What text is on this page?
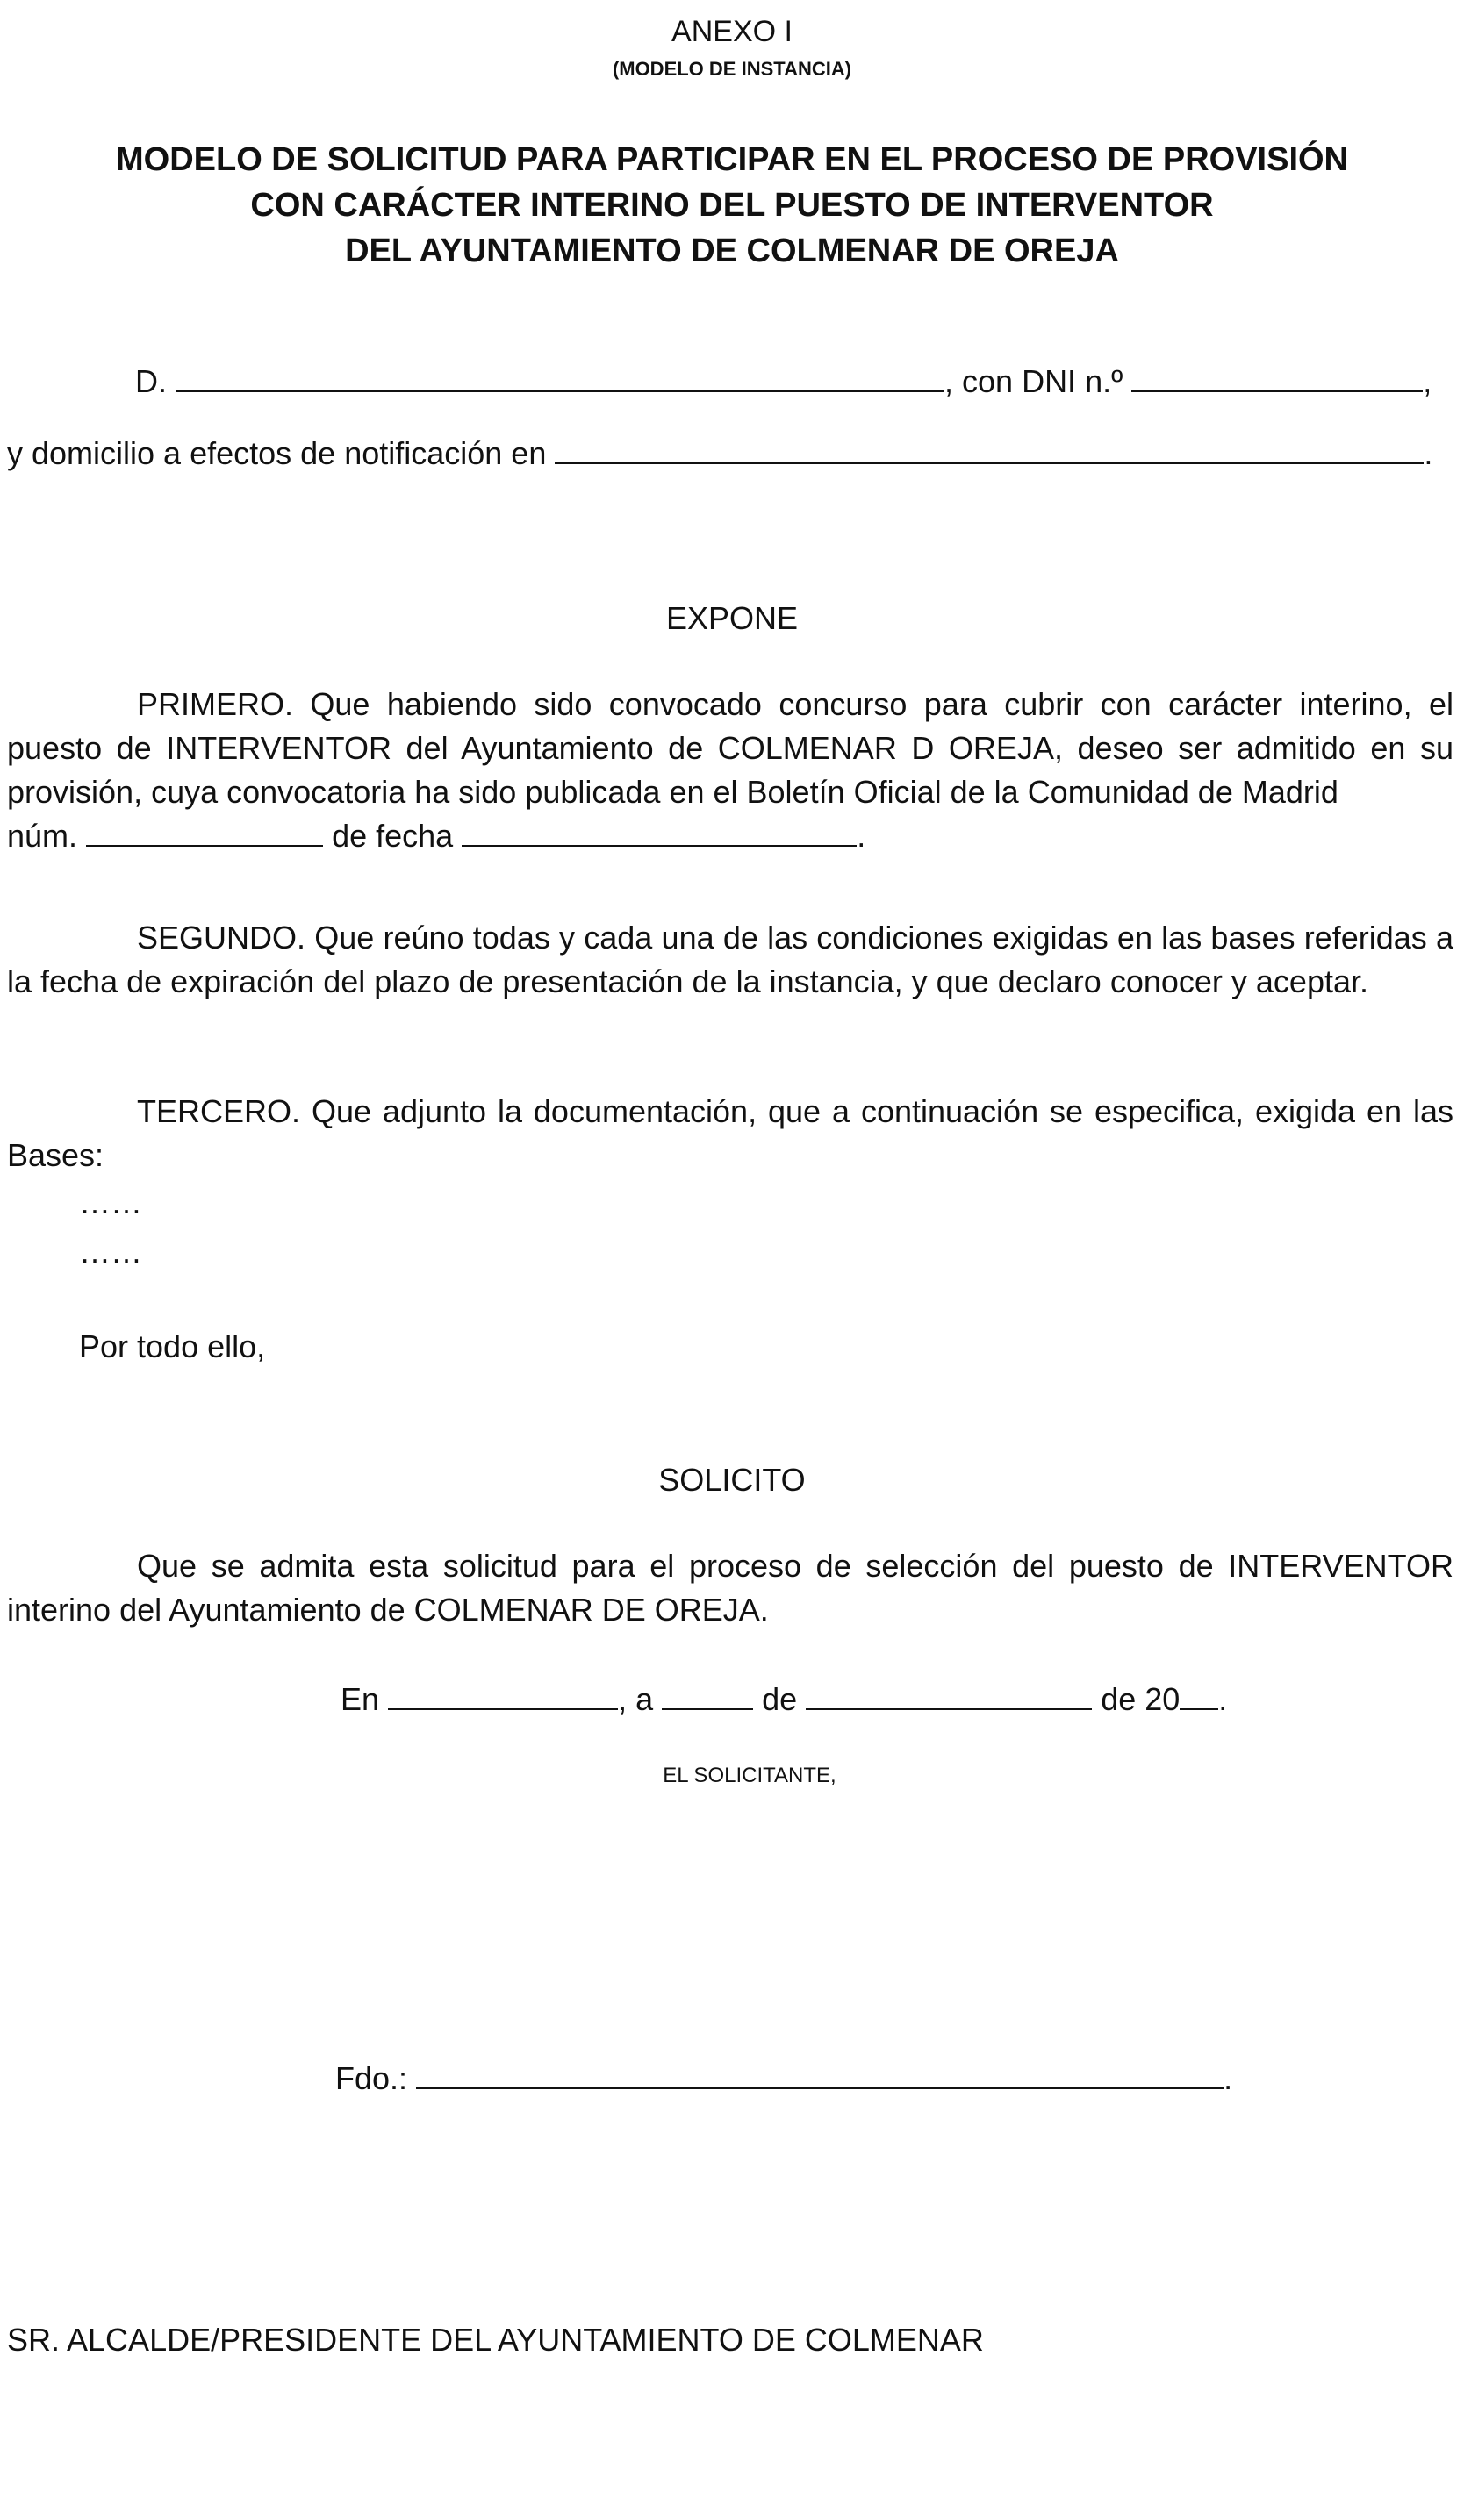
ANEXO I
(MODELO DE INSTANCIA)
MODELO DE SOLICITUD PARA PARTICIPAR EN EL PROCESO DE PROVISIÓN
CON CARÁCTER INTERINO DEL PUESTO DE INTERVENTOR
DEL AYUNTAMIENTO DE COLMENAR DE OREJA
D.	, con DNI n.º	,
y domicilio a efectos de notificación en	.
EXPONE

PRIMERO. Que habiendo sido convocado concurso para cubrir con carácter interino, el puesto de INTERVENTOR del Ayuntamiento de COLMENAR D OREJA, deseo ser admitido en su provisión, cuya convocatoria ha sido publicada en el Boletín Oficial de la Comunidad de Madrid

núm.	de fecha	.

SEGUNDO. Que reúno todas y cada una de las condiciones exigidas en las bases referidas a la fecha de expiración del plazo de presentación de la instancia, y que declaro conocer y aceptar.

TERCERO. Que adjunto la documentación, que a continuación se especifica, exigida en las Bases:

……
……
Por todo ello,
SOLICITO

Que se admita esta solicitud para el proceso de selección del puesto de INTERVENTOR interino del Ayuntamiento de COLMENAR DE OREJA.

En	, a	de	de 20 .
EL SOLICITANTE,
Fdo.:	.
SR. ALCALDE/PRESIDENTE DEL AYUNTAMIENTO DE COLMENAR
